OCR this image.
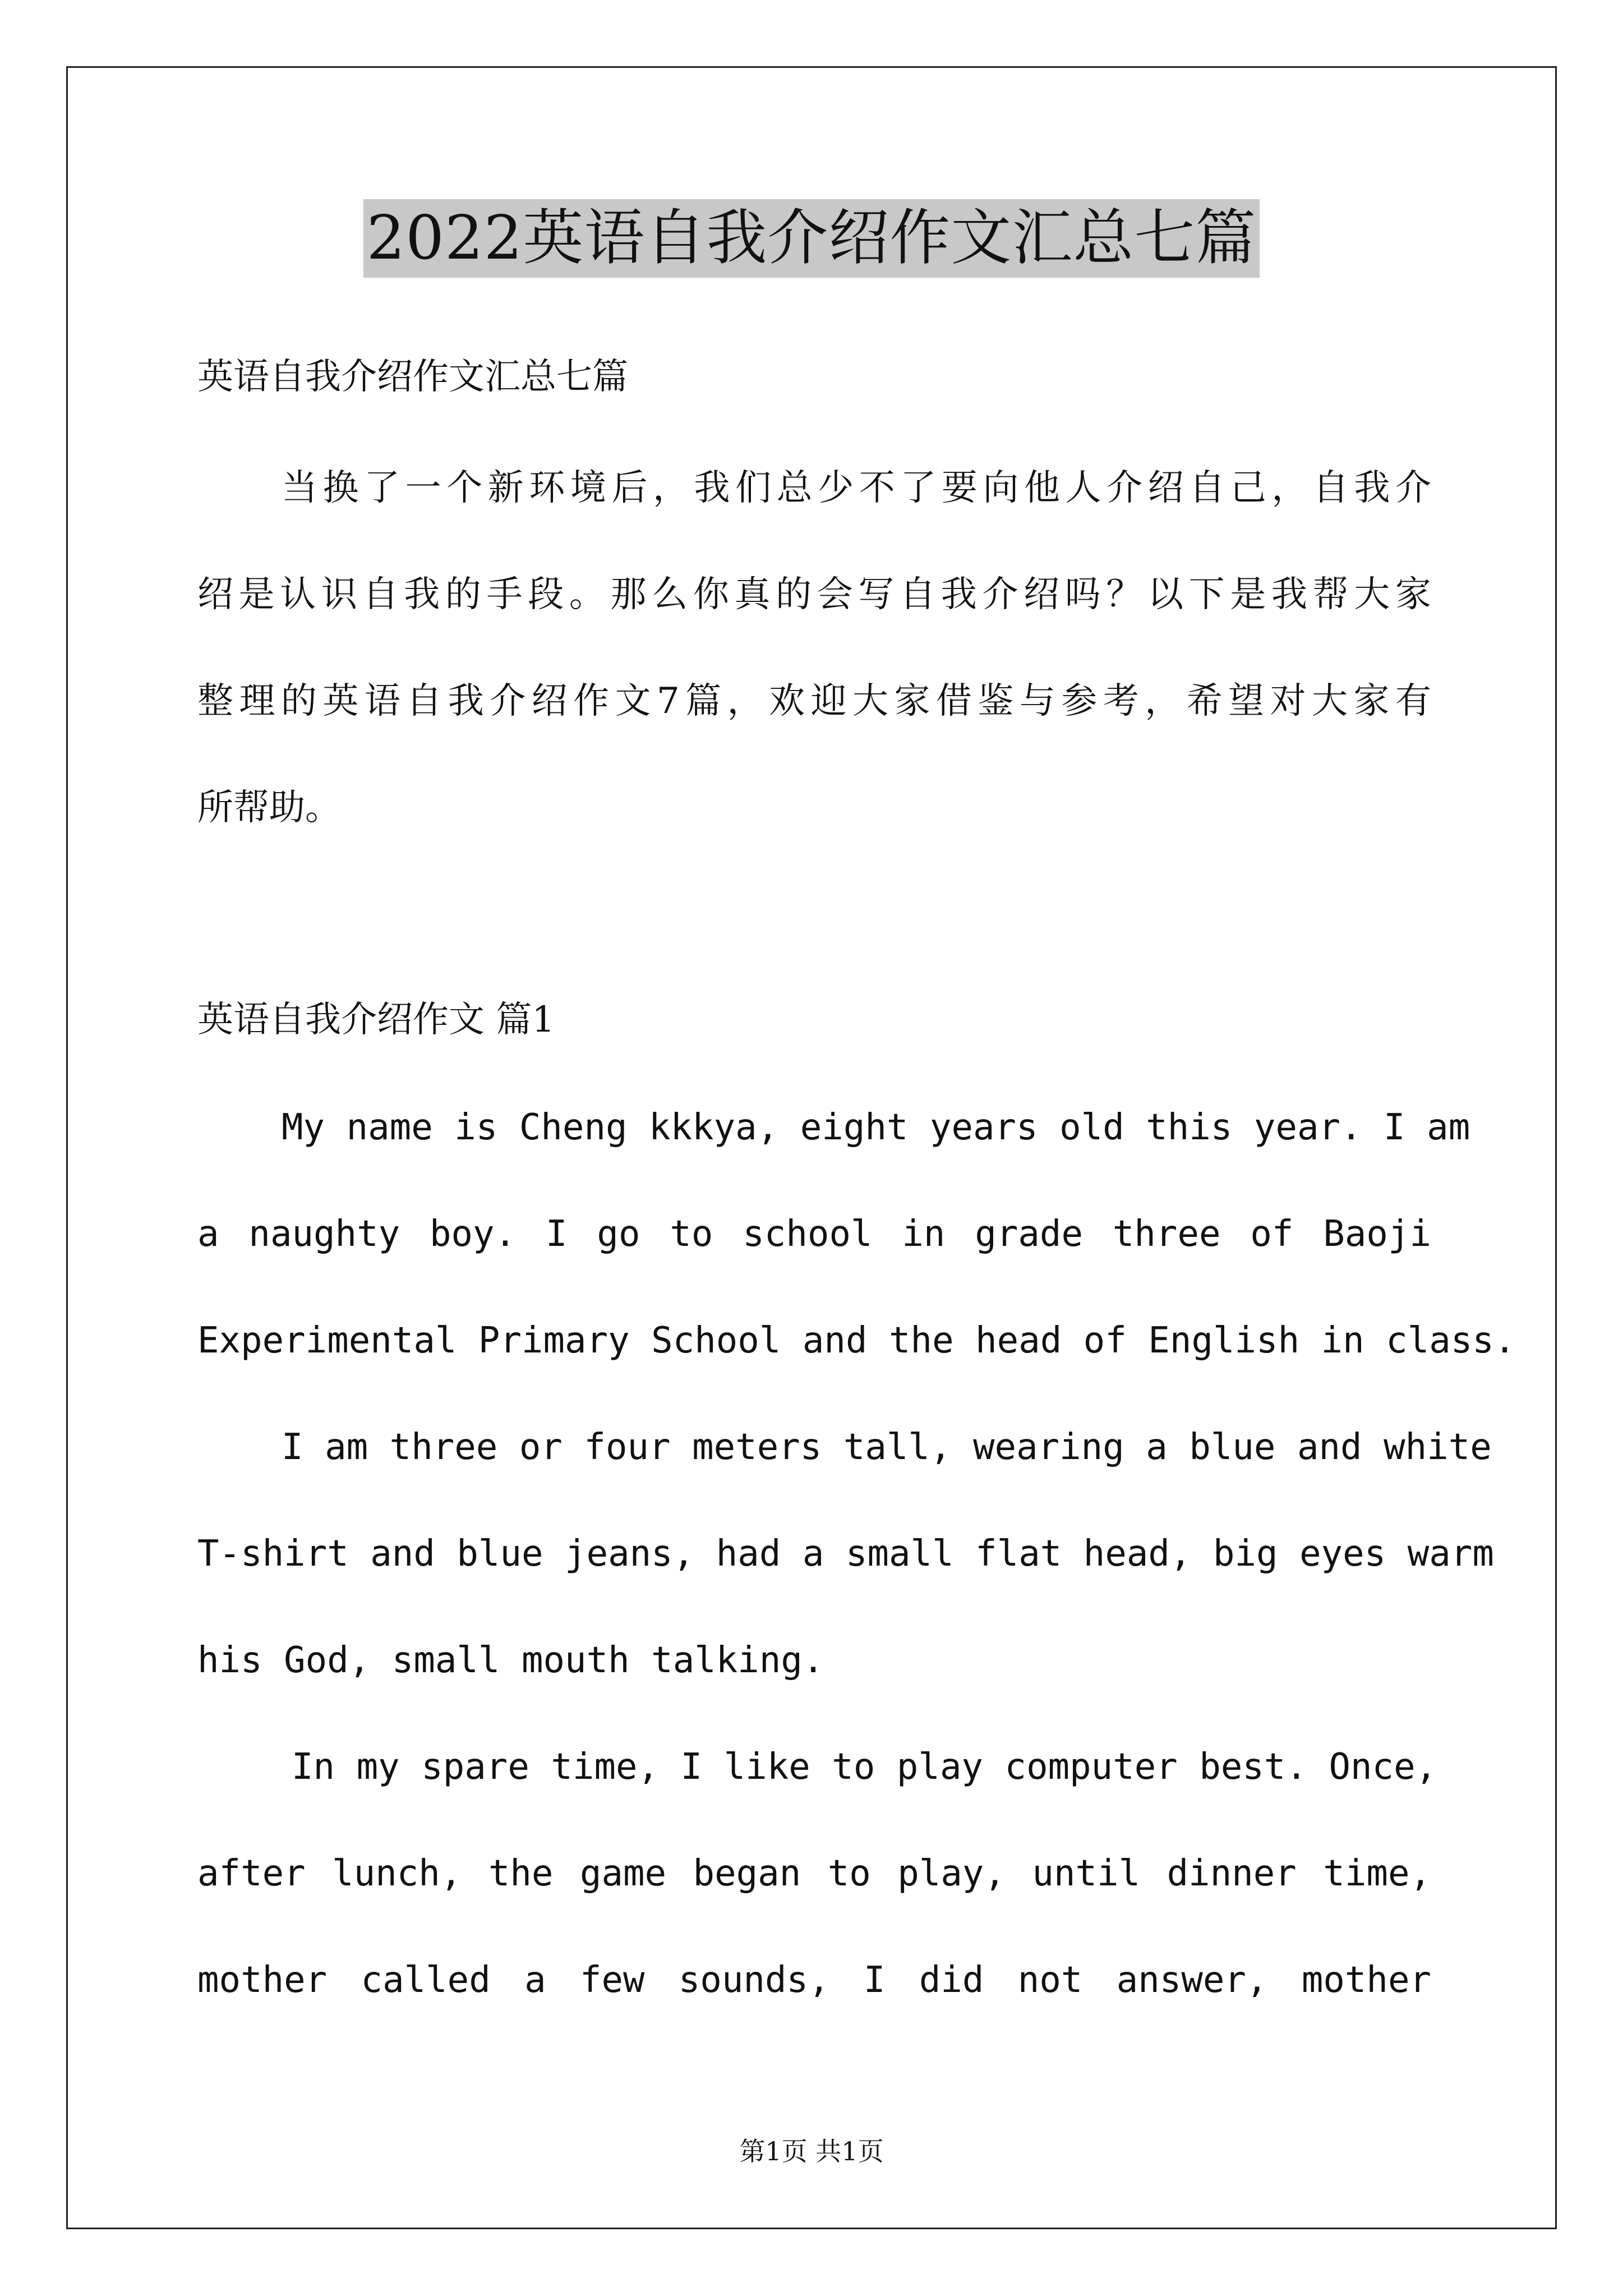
2022英语自我介绍作文汇总七篇
英语自我介绍作文汇总七篇
当换了一个新环境后，我们总少不了要向他人介绍自己，自我介
绍是认识自我的手段。那么你真的会写自我介绍吗？以下是我帮大家
整理的英语自我介绍作文7篇，欢迎大家借鉴与参考，希望对大家有
所帮助。
英语自我介绍作文 篇1
My name is Cheng kkkya, eight years old this year. I am
a naughty boy. I go to school in grade three of Baoji
Experimental Primary School and the head of English in class.
I am three or four meters tall, wearing a blue and white
T-shirt and blue jeans, had a small flat head, big eyes warm
his God, small mouth talking.
In my spare time, I like to play computer best. Once,
after lunch, the game began to play, until dinner time,
mother called a few sounds, I did not answer, mother
第1页 共1页
